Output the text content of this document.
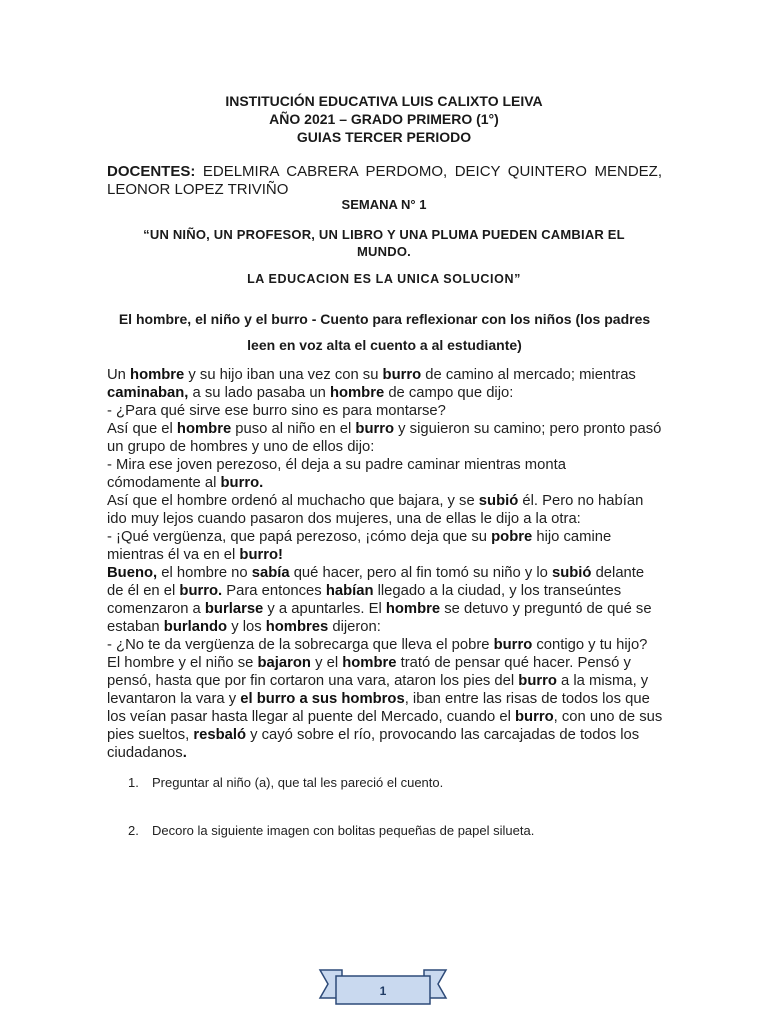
INSTITUCIÓN EDUCATIVA LUIS CALIXTO LEIVA
AÑO 2021 – GRADO PRIMERO (1°)
GUIAS TERCER PERIODO
DOCENTES: EDELMIRA CABRERA PERDOMO, DEICY QUINTERO MENDEZ, LEONOR LOPEZ TRIVIÑO
SEMANA N° 1
“UN NIÑO, UN PROFESOR, UN LIBRO Y UNA PLUMA PUEDEN CAMBIAR EL MUNDO.
LA EDUCACION ES LA UNICA SOLUCION”
El hombre, el niño y el burro - Cuento para reflexionar con los niños (los padres leen en voz alta el cuento a al estudiante)

Un hombre y su hijo iban una vez con su burro de camino al mercado; mientras caminaban, a su lado pasaba un hombre de campo que dijo:

- ¿Para qué sirve ese burro sino es para montarse?

Así que el hombre puso al niño en el burro y siguieron su camino; pero pronto pasó un grupo de hombres y uno de ellos dijo:

- Mira ese joven perezoso, él deja a su padre caminar mientras monta cómodamente al burro.

Así que el hombre ordenó al muchacho que bajara, y se subió él. Pero no habían ido muy lejos cuando pasaron dos mujeres, una de ellas le dijo a la otra:

- ¡Qué vergüenza, que papá perezoso, ¡cómo deja que su pobre hijo camine mientras él va en el burro!

Bueno, el hombre no sabía qué hacer, pero al fin tomó su niño y lo subió delante de él en el burro. Para entonces habían llegado a la ciudad, y los transeúntes comenzaron a burlarse y a apuntarles. El hombre se detuvo y preguntó de qué se estaban burlando y los hombres dijeron:

- ¿No te da vergüenza de la sobrecarga que lleva el pobre burro contigo y tu hijo?

El hombre y el niño se bajaron y el hombre trató de pensar qué hacer. Pensó y pensó, hasta que por fin cortaron una vara, ataron los pies del burro a la misma, y levantaron la vara y el burro a sus hombros, iban entre las risas de todos los que los veían pasar hasta llegar al puente del Mercado, cuando el burro, con uno de sus pies sueltos, resbaló y cayó sobre el río, provocando las carcajadas de todos los ciudadanos.

1. Preguntar al niño (a), que tal les pareció el cuento.
2. Decoro la siguiente imagen con bolitas pequeñas de papel silueta.
1
